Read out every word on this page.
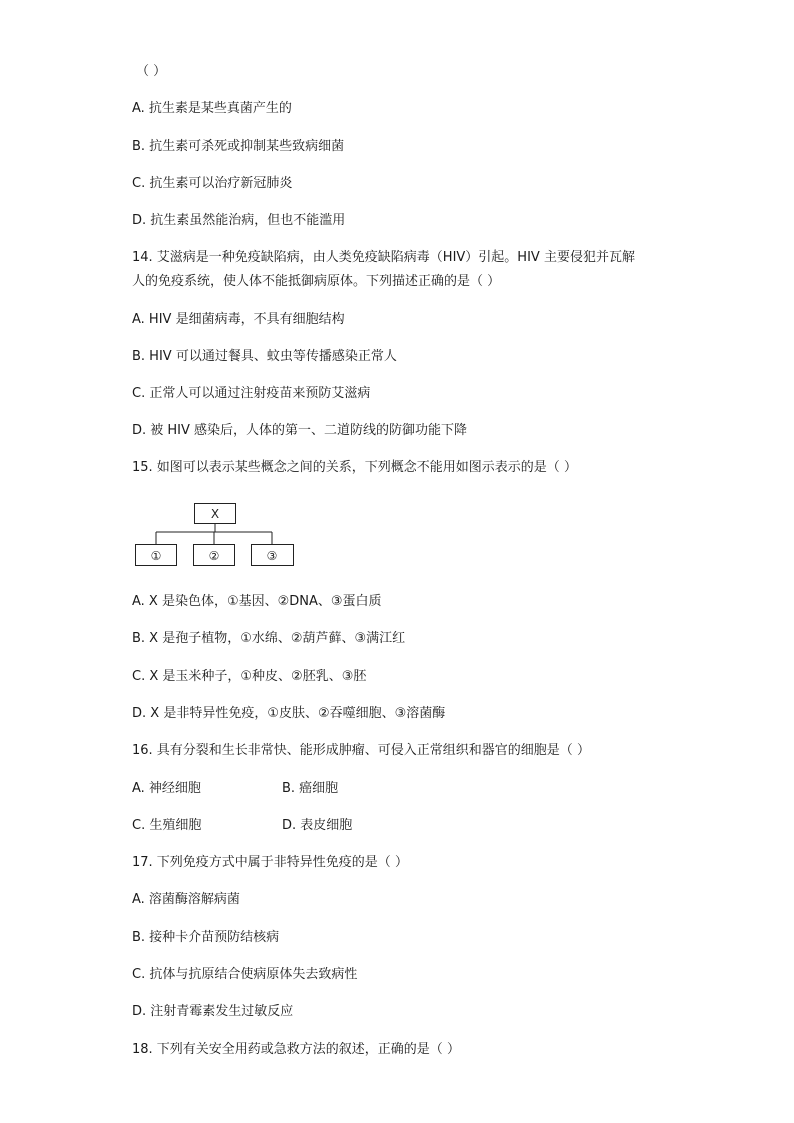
（ ）
A. 抗生素是某些真菌产生的
B. 抗生素可杀死或抑制某些致病细菌
C. 抗生素可以治疗新冠肺炎
D. 抗生素虽然能治病，但也不能滥用
14. 艾滋病是一种免疫缺陷病，由人类免疫缺陷病毒（HIV）引起。HIV 主要侵犯并瓦解
人的免疫系统，使人体不能抵御病原体。下列描述正确的是（ ）
A. HIV 是细菌病毒，不具有细胞结构
B. HIV 可以通过餐具、蚊虫等传播感染正常人
C. 正常人可以通过注射疫苗来预防艾滋病
D. 被 HIV 感染后，人体的第一、二道防线的防御功能下降
15. 如图可以表示某些概念之间的关系，下列概念不能用如图示表示的是（ ）
X
①	②	③
A. X 是染色体，①基因、②DNA、③蛋白质
B. X 是孢子植物，①水绵、②葫芦藓、③满江红
C. X 是玉米种子，①种皮、②胚乳、③胚
D. X 是非特异性免疫，①皮肤、②吞噬细胞、③溶菌酶
16. 具有分裂和生长非常快、能形成肿瘤、可侵入正常组织和器官的细胞是（ ）
A. 神经细胞	B. 癌细胞
C. 生殖细胞	D. 表皮细胞
17. 下列免疫方式中属于非特异性免疫的是（ ）
A. 溶菌酶溶解病菌
B. 接种卡介苗预防结核病
C. 抗体与抗原结合使病原体失去致病性
D. 注射青霉素发生过敏反应
18. 下列有关安全用药或急救方法的叙述，正确的是（ ）
